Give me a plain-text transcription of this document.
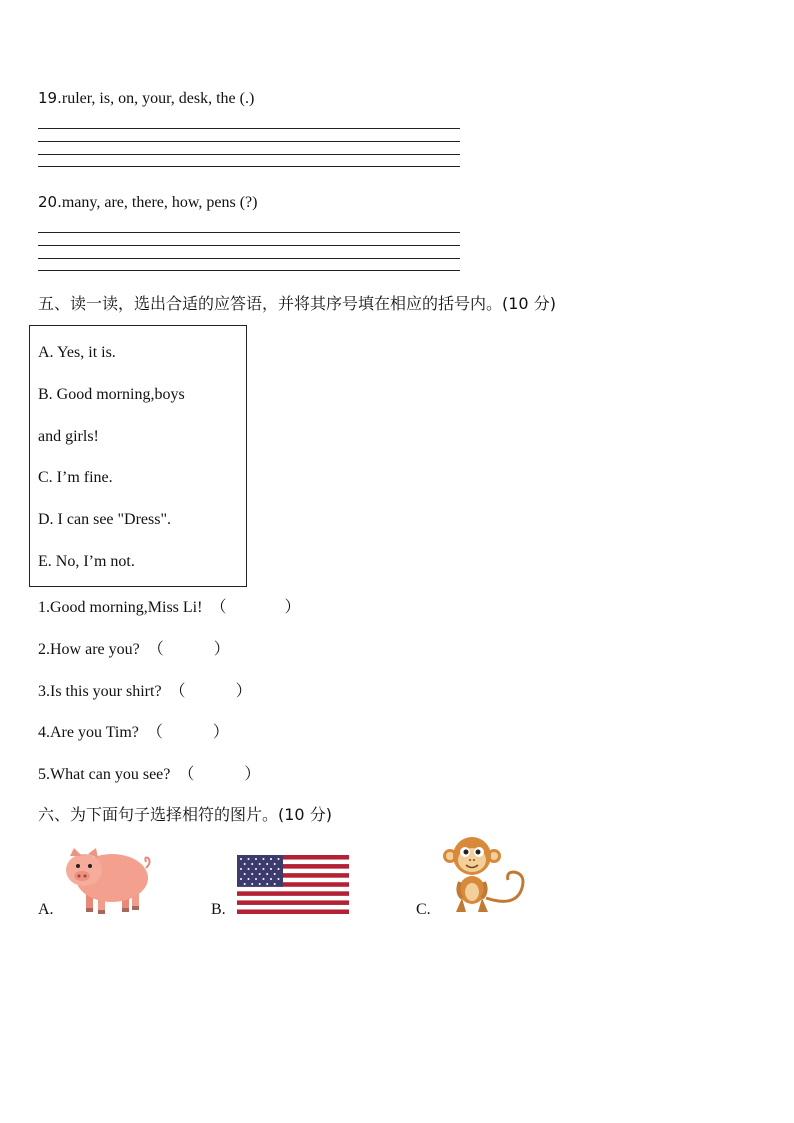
19.ruler, is, on, your, desk, the (.)
20.many, are, there, how, pens (?)
五、读一读，选出合适的应答语，并将其序号填在相应的括号内。(10 分)
A. Yes, it is.
B. Good morning,boys
and girls!
C. I’m fine.
D. I can see "Dress".
E. No, I’m not.
1.Good morning,Miss Li! （	）
2.How are you? （	）
3.Is this your shirt? （	）
4.Are you Tim? （	）
5.What can you see? （	）
六、为下面句子选择相符的图片。(10 分)
A.	B.	C.
